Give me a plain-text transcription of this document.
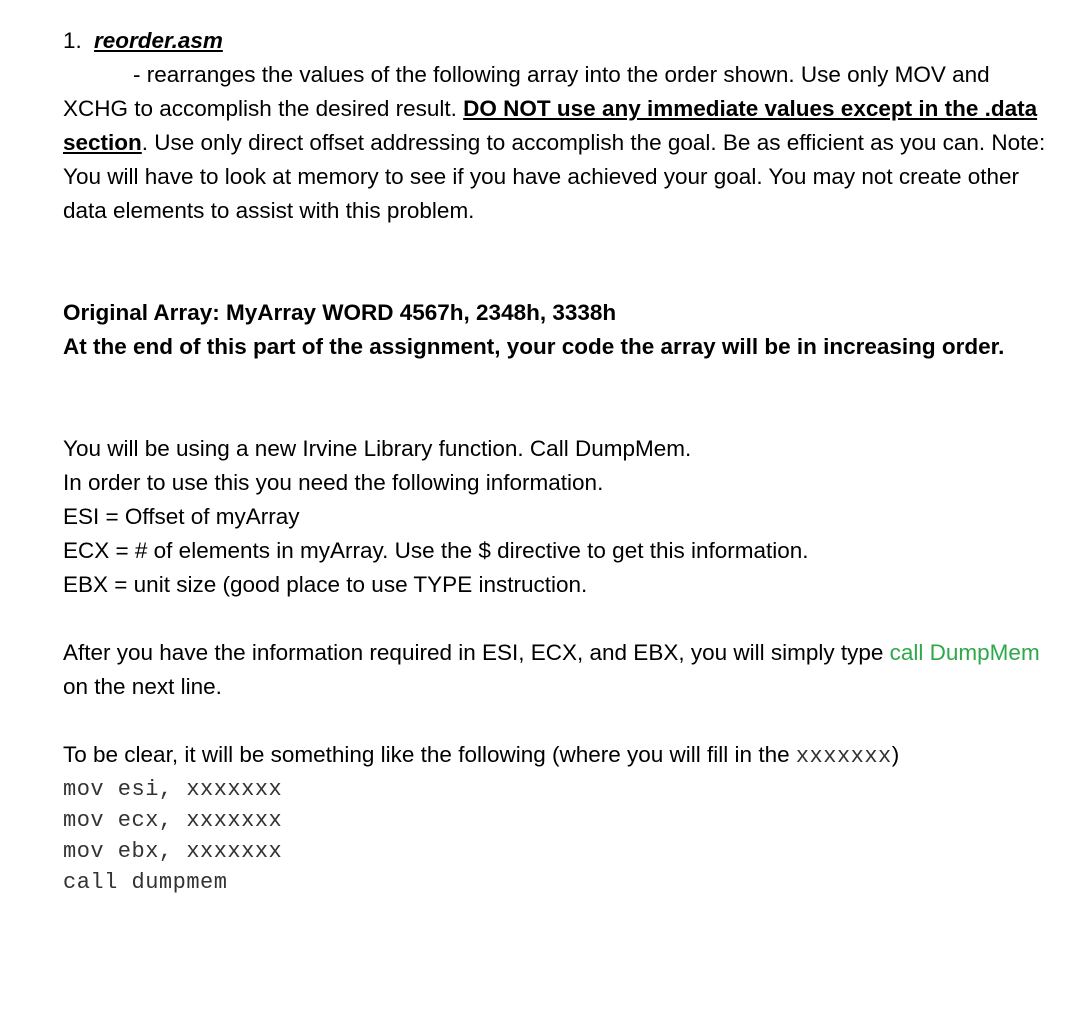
1. reorder.asm

- rearranges the values of the following array into the order shown. Use only MOV and XCHG to accomplish the desired result. DO NOT use any immediate values except in the .data section. Use only direct offset addressing to accomplish the goal. Be as efficient as you can. Note: You will have to look at memory to see if you have achieved your goal. You may not create other data elements to assist with this problem.

Original Array: MyArray WORD 4567h, 2348h, 3338h

At the end of this part of the assignment, your code the array will be in increasing order.

You will be using a new Irvine Library function. Call DumpMem.

In order to use this you need the following information.

ESI = Offset of myArray

ECX = # of elements in myArray. Use the $ directive to get this information.

EBX = unit size (good place to use TYPE instruction.

After you have the information required in ESI, ECX, and EBX, you will simply type call DumpMem on the next line.

To be clear, it will be something like the following (where you will fill in the xxxxxxx)

mov esi, xxxxxxx
mov ecx, xxxxxxx
mov ebx, xxxxxxx
call dumpmem
